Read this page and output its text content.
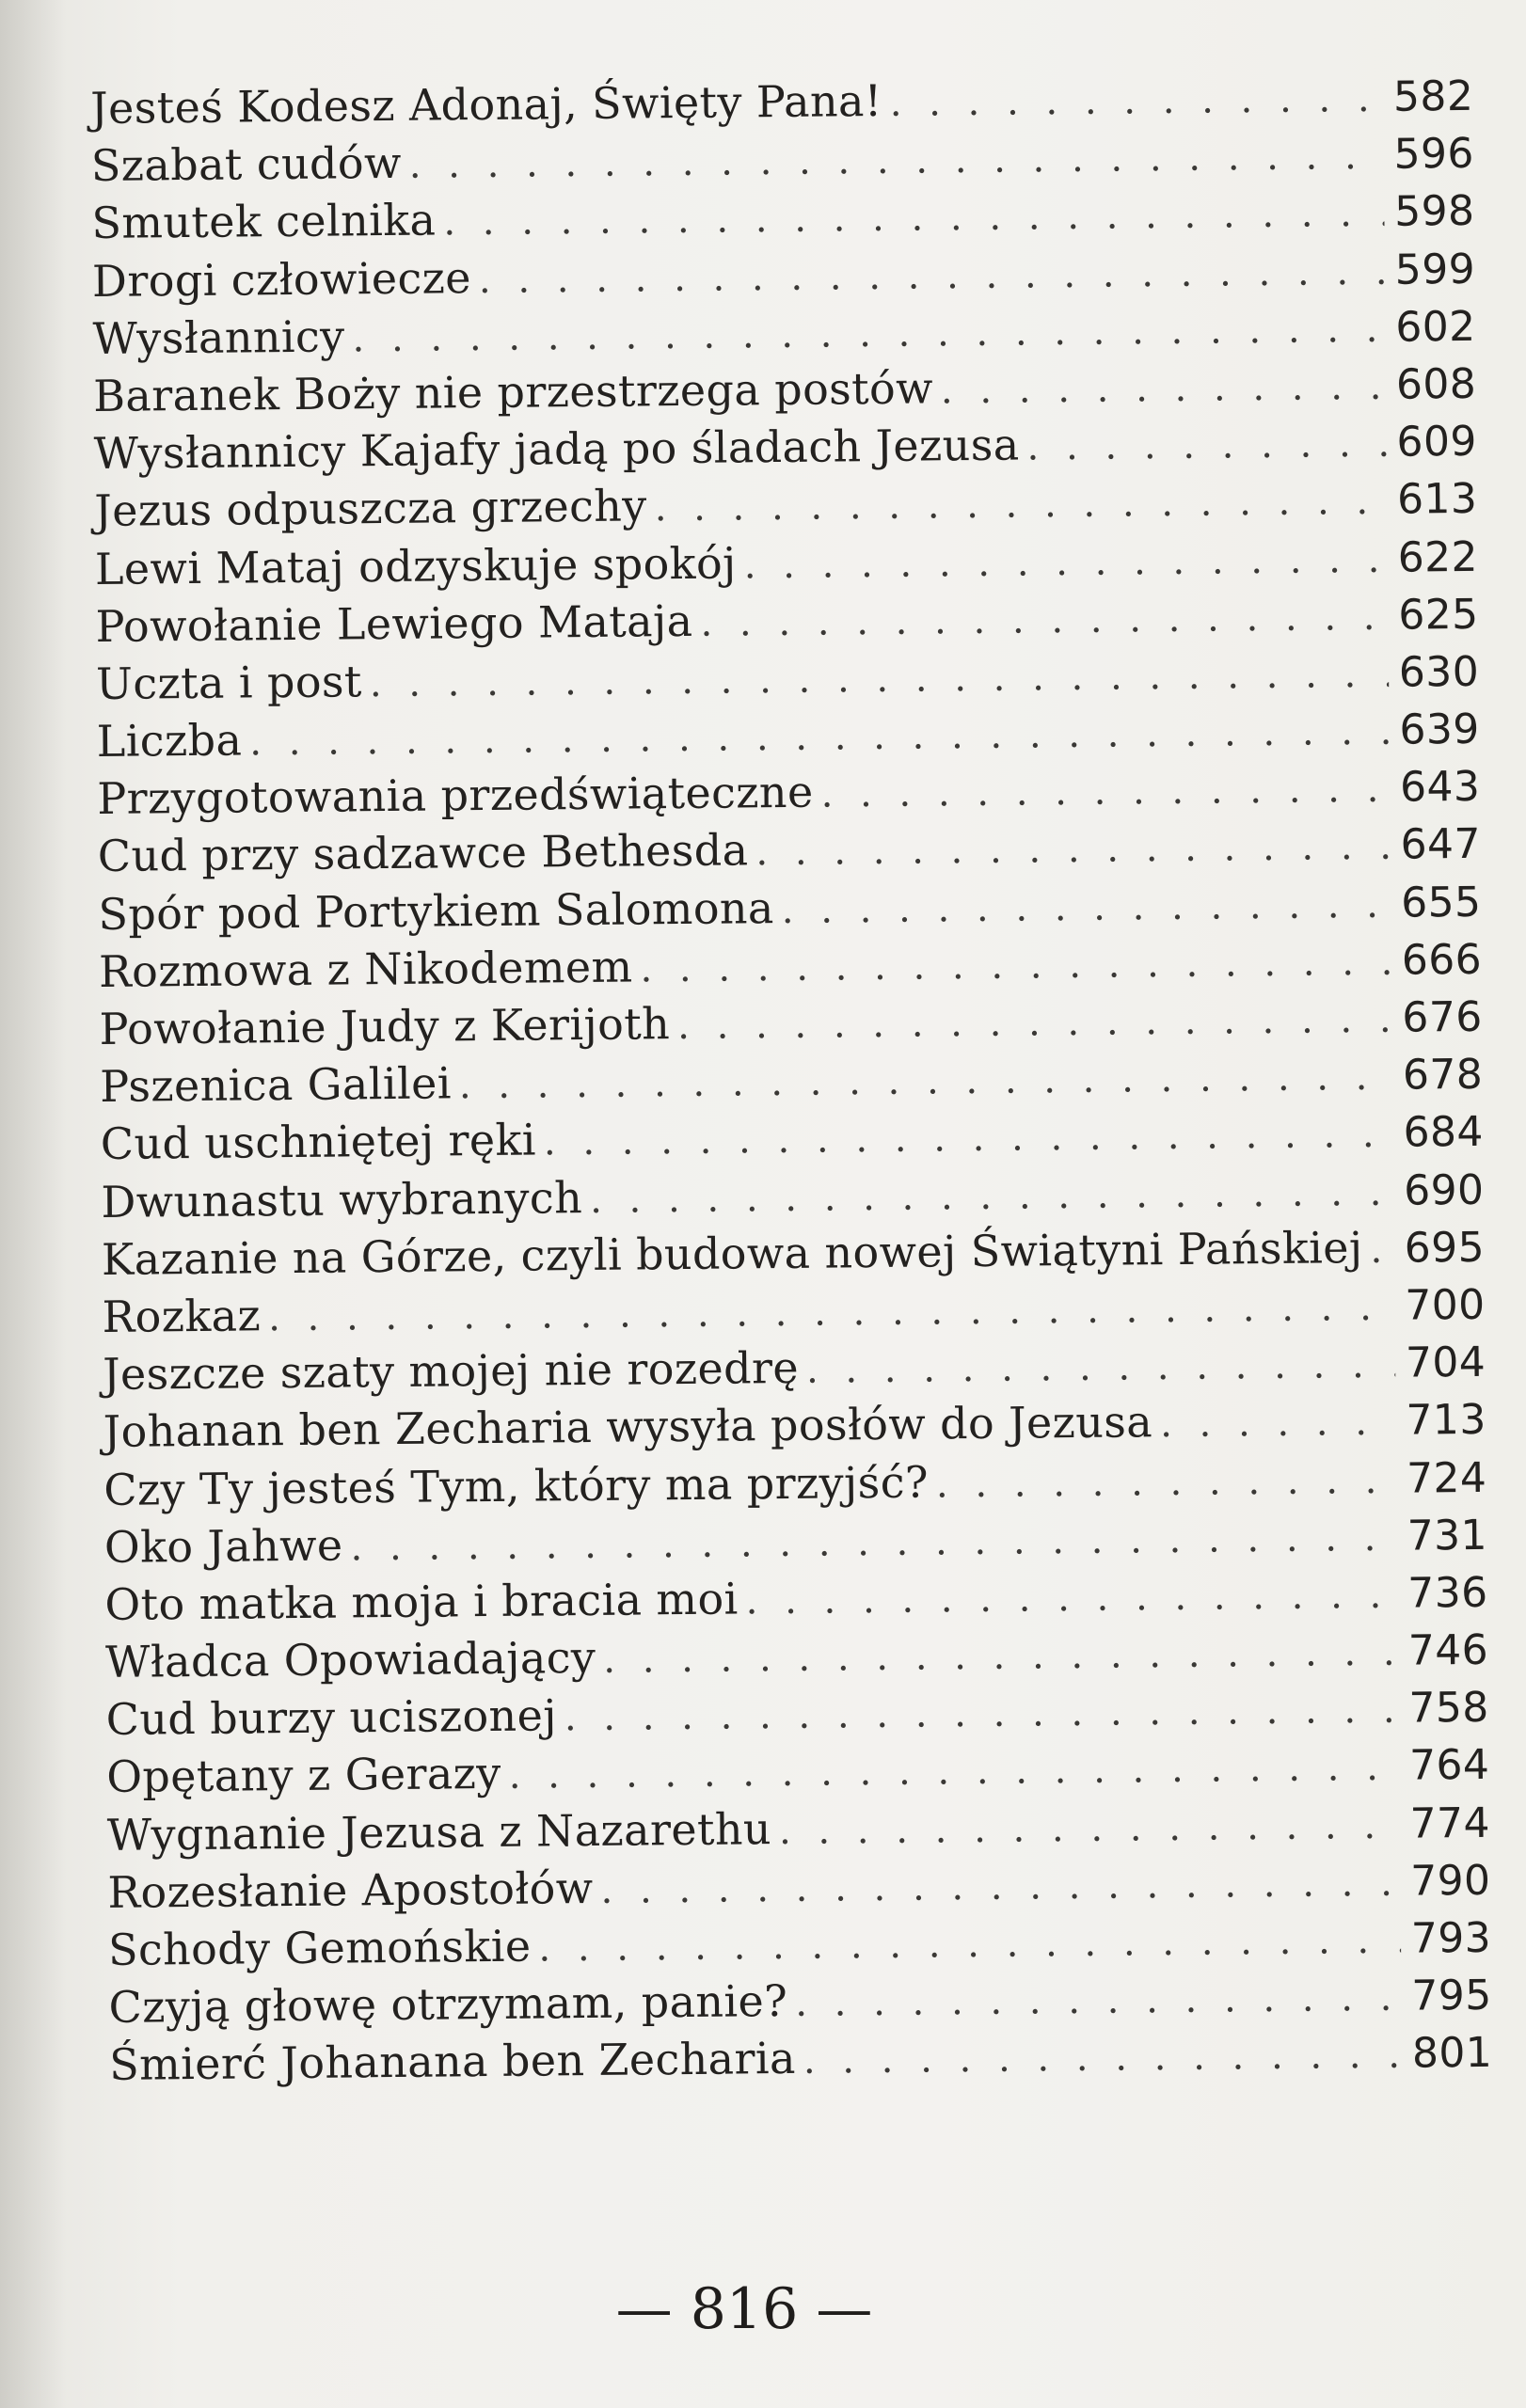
Jesteś Kodesz Adonaj, Święty Pana! . . .	582
Szabat cudów . . .	596
Smutek celnika . . .	598
Drogi człowiecze . . .	599
Wysłannicy . . .	602
Baranek Boży nie przestrzega postów . . .	608
Wysłannicy Kajafy jadą po śladach Jezusa . . .	609
Jezus odpuszcza grzechy . . .	613
Lewi Mataj odzyskuje spokój . . .	622
Powołanie Lewiego Mataja . . .	625
Uczta i post . . .	630
Liczba . . .	639
Przygotowania przedświąteczne . . .	643
Cud przy sadzawce Bethesda . . .	647
Spór pod Portykiem Salomona . . .	655
Rozmowa z Nikodemem . . .	666
Powołanie Judy z Kerijoth . . .	676
Pszenica Galilei . . .	678
Cud uschniętej ręki . . .	684
Dwunastu wybranych . . .	690
Kazanie na Górze, czyli budowa nowej Świątyni Pańskiej . . . 695
Rozkaz . . .	700
Jeszcze szaty mojej nie rozedrę . . .	704
Johanan ben Zecharia wysyła posłów do Jezusa . . .	713
Czy Ty jesteś Tym, który ma przyjść? . . .	724
Oko Jahwe . . .	731
Oto matka moja i bracia moi . . .	736
Władca Opowiadający . . .	746
Cud burzy uciszonej . . .	758
Opętany z Gerazy . . .	764
Wygnanie Jezusa z Nazarethu . . .	774
Rozesłanie Apostołów . . .	790
Schody Gemońskie . . .	793
Czyją głowę otrzymam, panie? . . .	795
Śmierć Johanana ben Zecharia . . .	801
— 816 —
